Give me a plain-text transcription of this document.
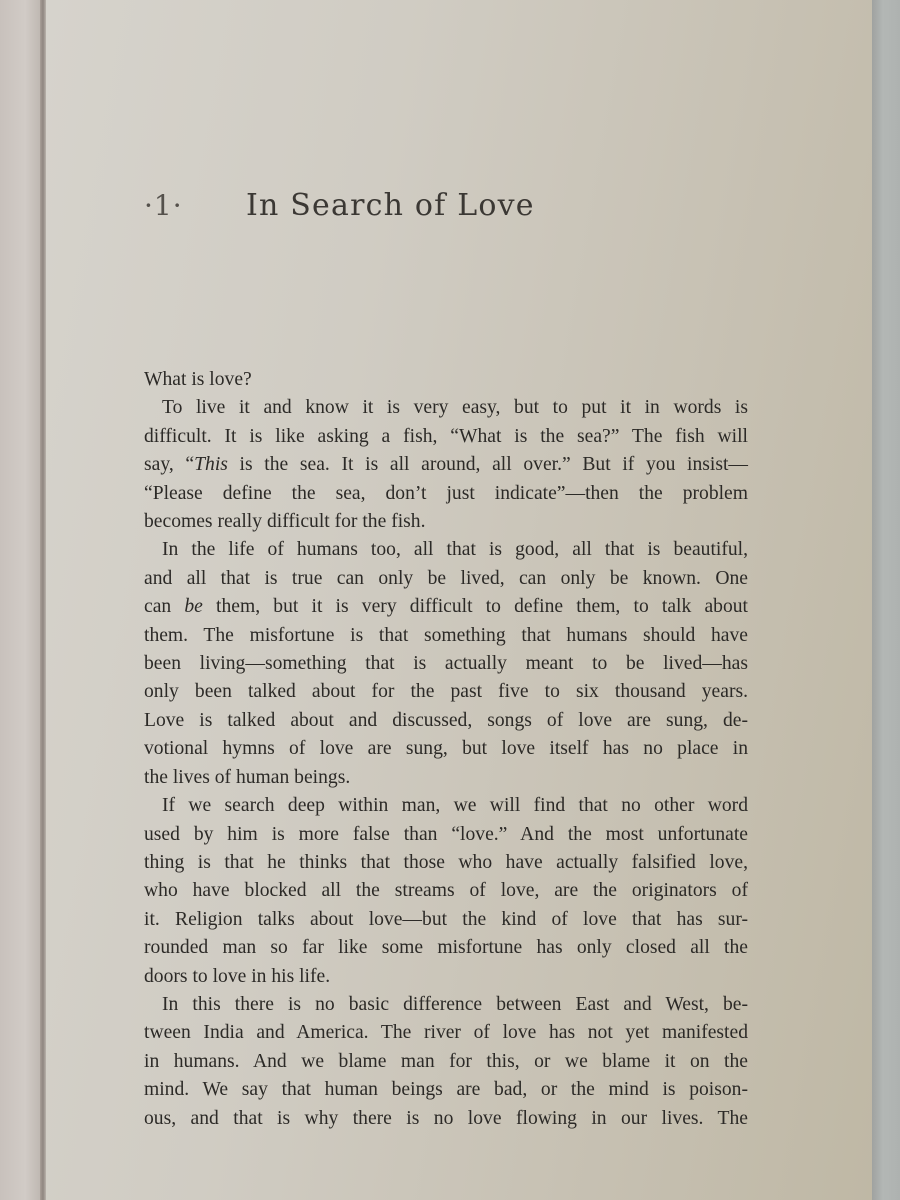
·1·	In Search of Love
What is love?
To live it and know it is very easy, but to put it in words is
difficult. It is like asking a fish, “What is the sea?” The fish will
say, “This is the sea. It is all around, all over.” But if you insist—
“Please define the sea, don’t just indicate”—then the problem
becomes really difficult for the fish.
In the life of humans too, all that is good, all that is beautiful,
and all that is true can only be lived, can only be known. One
can be them, but it is very difficult to define them, to talk about
them. The misfortune is that something that humans should have
been living—something that is actually meant to be lived—has
only been talked about for the past five to six thousand years.
Love is talked about and discussed, songs of love are sung, de-
votional hymns of love are sung, but love itself has no place in
the lives of human beings.
If we search deep within man, we will find that no other word
used by him is more false than “love.” And the most unfortunate
thing is that he thinks that those who have actually falsified love,
who have blocked all the streams of love, are the originators of
it. Religion talks about love—but the kind of love that has sur-
rounded man so far like some misfortune has only closed all the
doors to love in his life.
In this there is no basic difference between East and West, be-
tween India and America. The river of love has not yet manifested
in humans. And we blame man for this, or we blame it on the
mind. We say that human beings are bad, or the mind is poison-
ous, and that is why there is no love flowing in our lives. The
